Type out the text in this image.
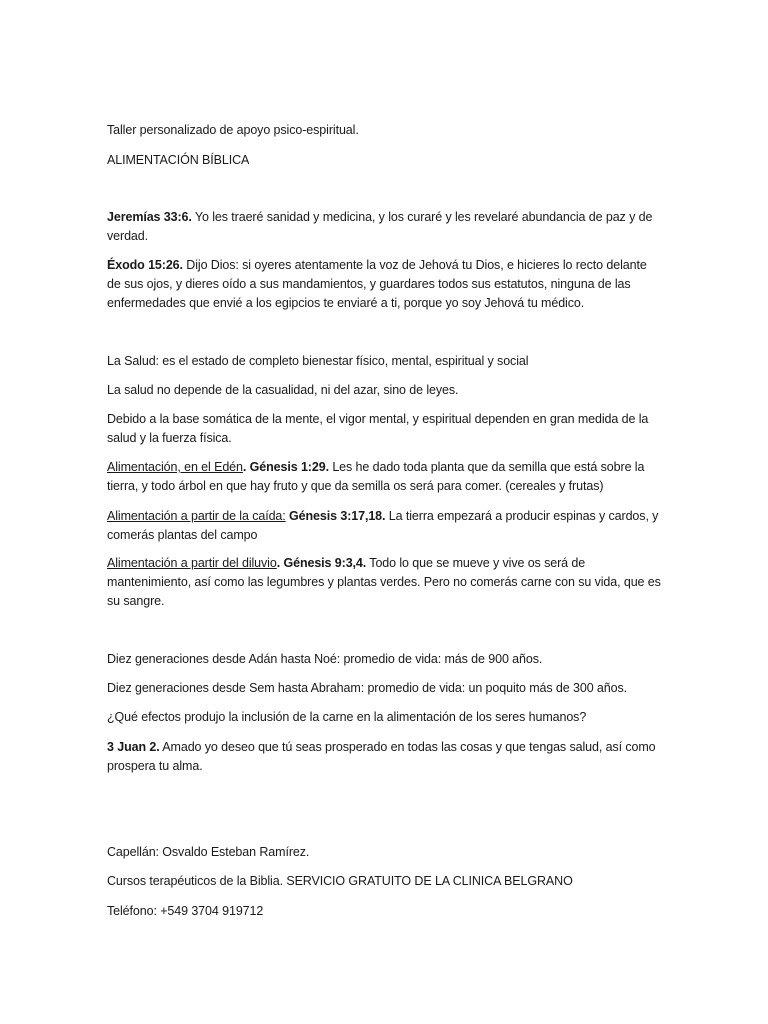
Taller personalizado de apoyo psico-espiritual.

ALIMENTACIÓN BÍBLICA

Jeremías 33:6. Yo les traeré sanidad y medicina, y los curaré y les revelaré abundancia de paz y de verdad.

Éxodo 15:26. Dijo Dios: si oyeres atentamente la voz de Jehová tu Dios, e hicieres lo recto delante de sus ojos, y dieres oído a sus mandamientos, y guardares todos sus estatutos, ninguna de las enfermedades que envié a los egipcios te enviaré a ti, porque yo soy Jehová tu médico.

La Salud: es el estado de completo bienestar físico, mental, espiritual y social

La salud no depende de la casualidad, ni del azar, sino de leyes.

Debido a la base somática de la mente, el vigor mental, y espiritual dependen en gran medida de la salud y la fuerza física.

Alimentación, en el Edén. Génesis 1:29. Les he dado toda planta que da semilla que está sobre la tierra, y todo árbol en que hay fruto y que da semilla os será para comer. (cereales y frutas)

Alimentación a partir de la caída: Génesis 3:17,18. La tierra empezará a producir espinas y cardos, y comerás plantas del campo

Alimentación a partir del diluvio. Génesis 9:3,4. Todo lo que se mueve y vive os será de mantenimiento, así como las legumbres y plantas verdes. Pero no comerás carne con su vida, que es su sangre.

Diez generaciones desde Adán hasta Noé: promedio de vida: más de 900 años.

Diez generaciones desde Sem hasta Abraham: promedio de vida: un poquito más de 300 años.

¿Qué efectos produjo la inclusión de la carne en la alimentación de los seres humanos?

3 Juan 2. Amado yo deseo que tú seas prosperado en todas las cosas y que tengas salud, así como prospera tu alma.

Capellán: Osvaldo Esteban Ramírez.

Cursos terapéuticos de la Biblia. SERVICIO GRATUITO DE LA CLINICA BELGRANO

Teléfono: +549 3704 919712
